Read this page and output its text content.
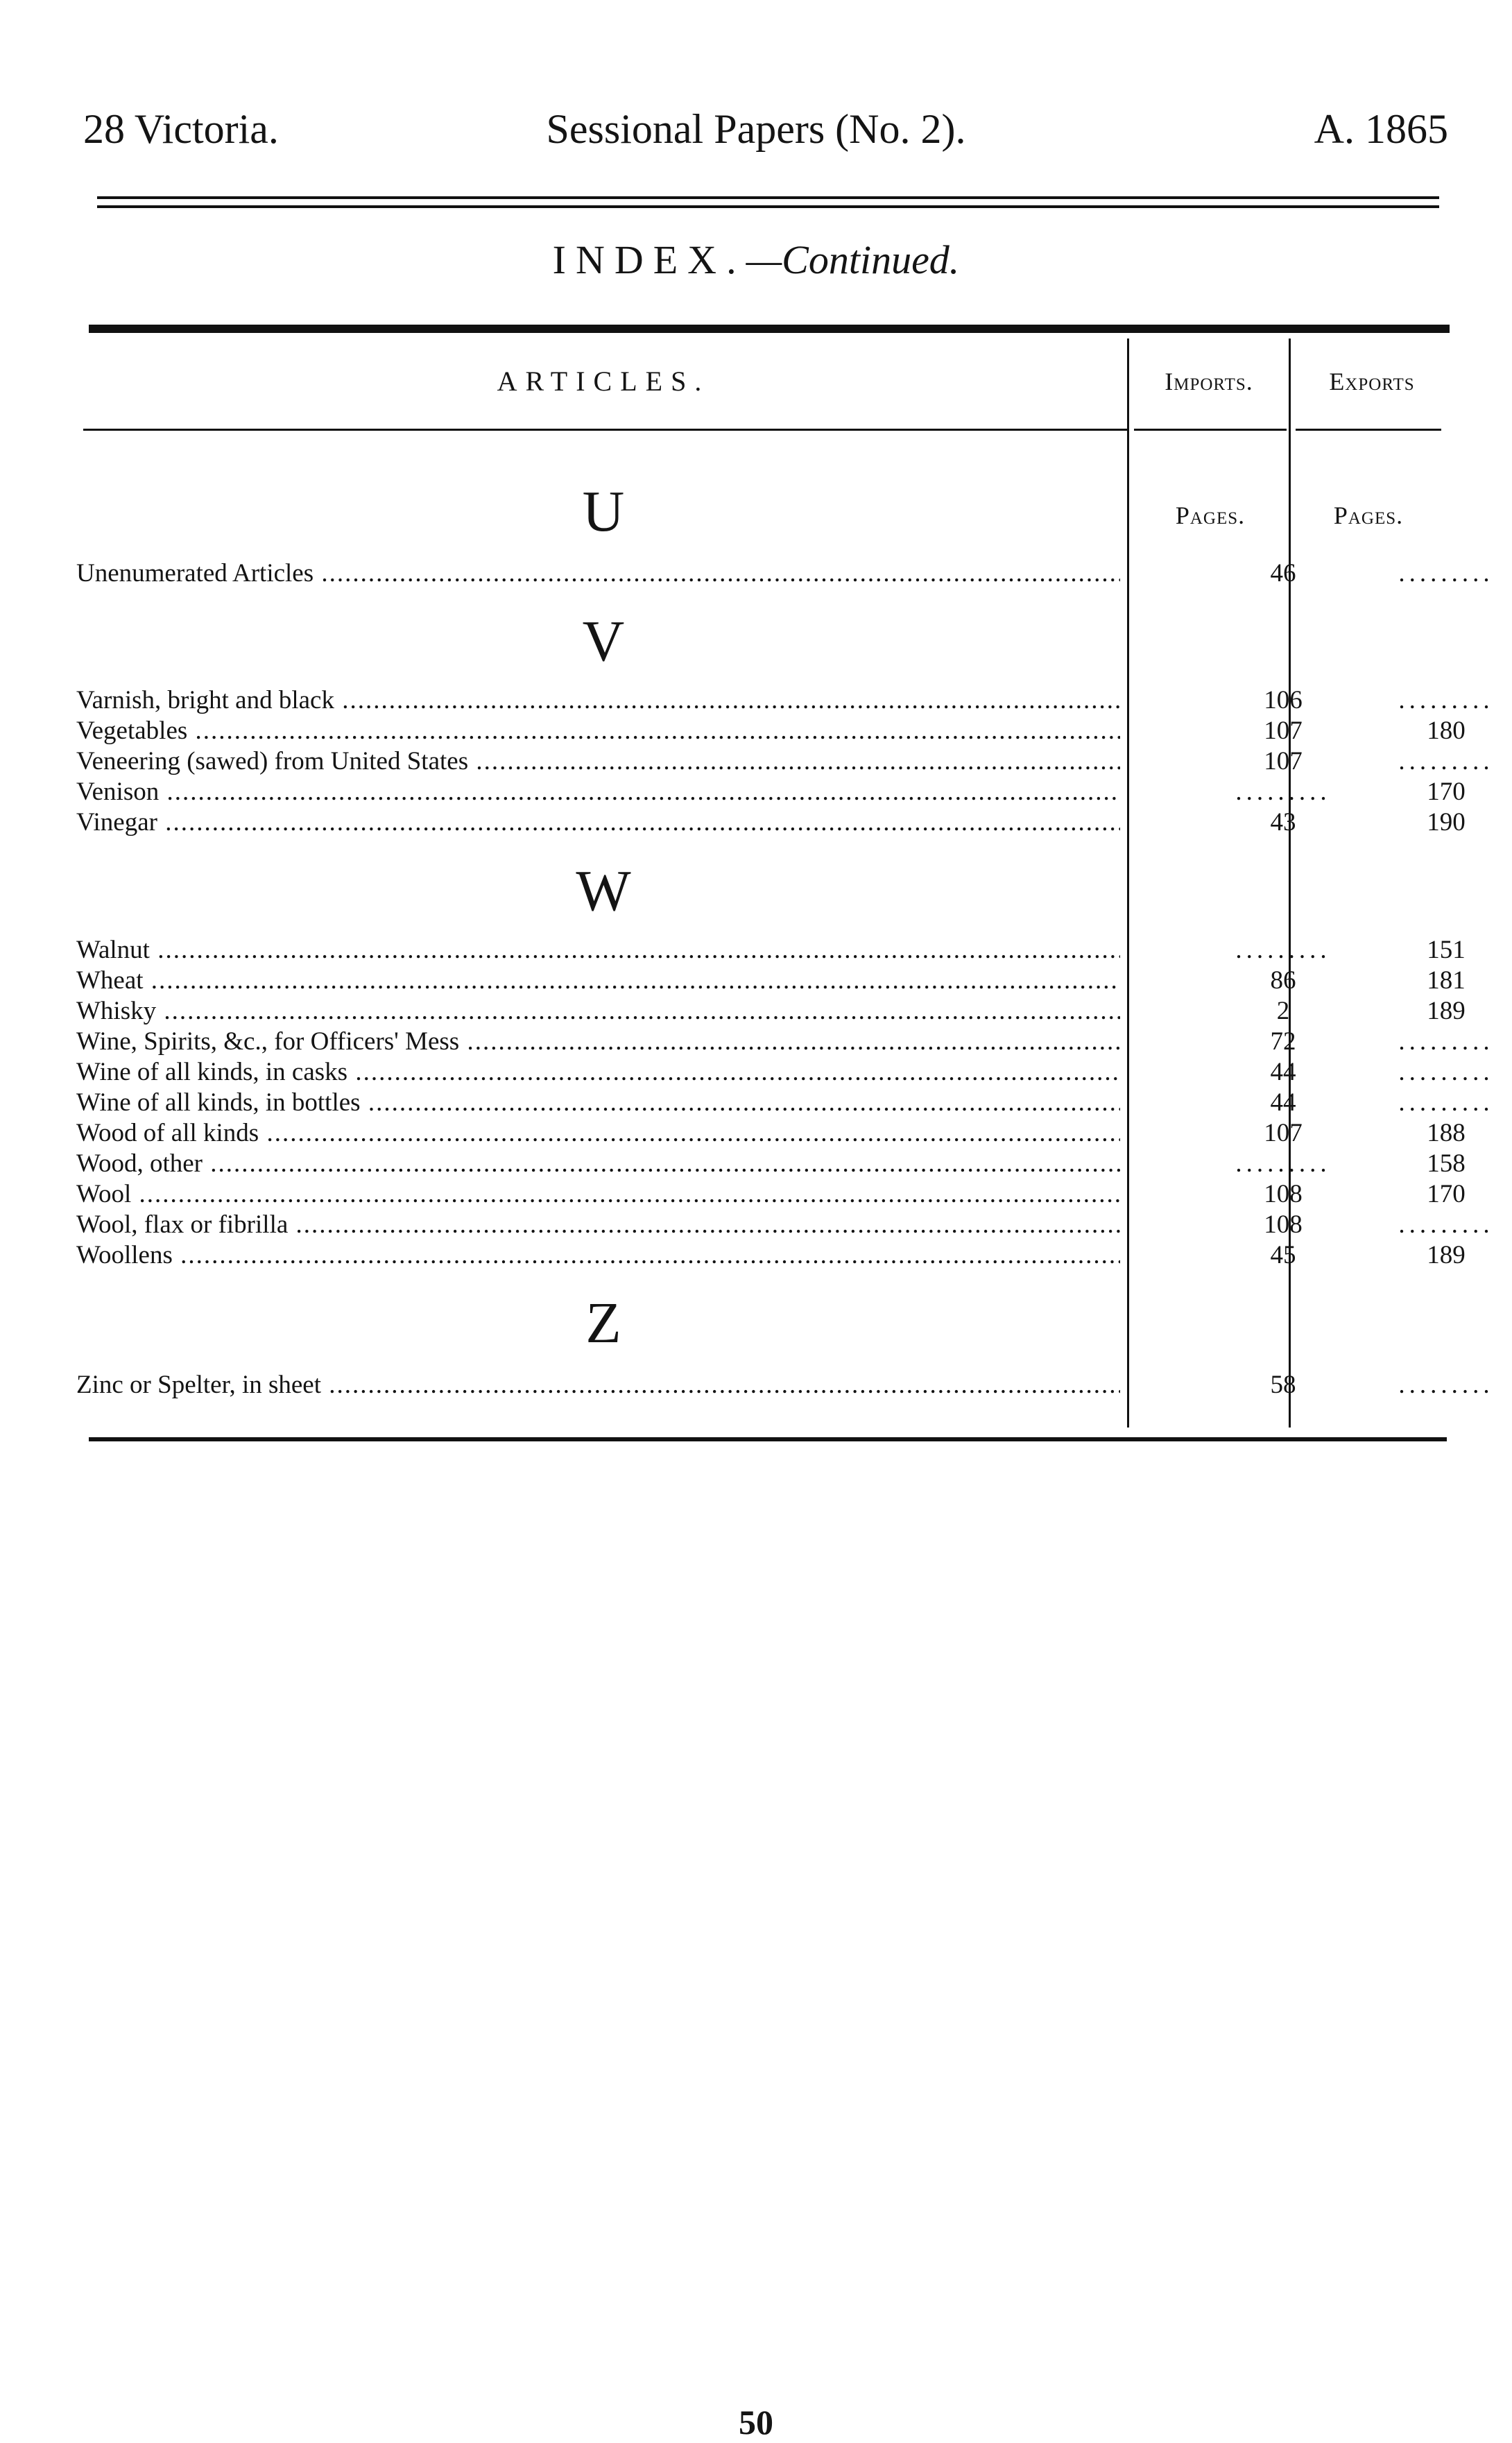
28 Victoria.	Sessional Papers (No. 2).	A. 1865
INDEX.—Continued.
ARTICLES.	Imports.	Exports
Pages.	Pages.
U
Unenumerated Articles .....	46	.........
V
Varnish, bright and black .....	106	.........
Vegetables .....	107	180
Veneering (sawed) from United States .....	107	.........
Venison .....	.........	170
Vinegar .....	43	190
W
Walnut .....	.........	151
Wheat .....	86	181
Whisky .....	2	189
Wine, Spirits, &c., for Officers' Mess .....	72	.........
Wine of all kinds, in casks .....	44	.........
Wine of all kinds, in bottles .....	44	.........
Wood of all kinds .....	107	188
Wood, other .....	.........	158
Wool .....	108	170
Wool, flax or fibrilla .....	108	.........
Woollens .....	45	189
Z
Zinc or Spelter, in sheet .....	58	.........
50
